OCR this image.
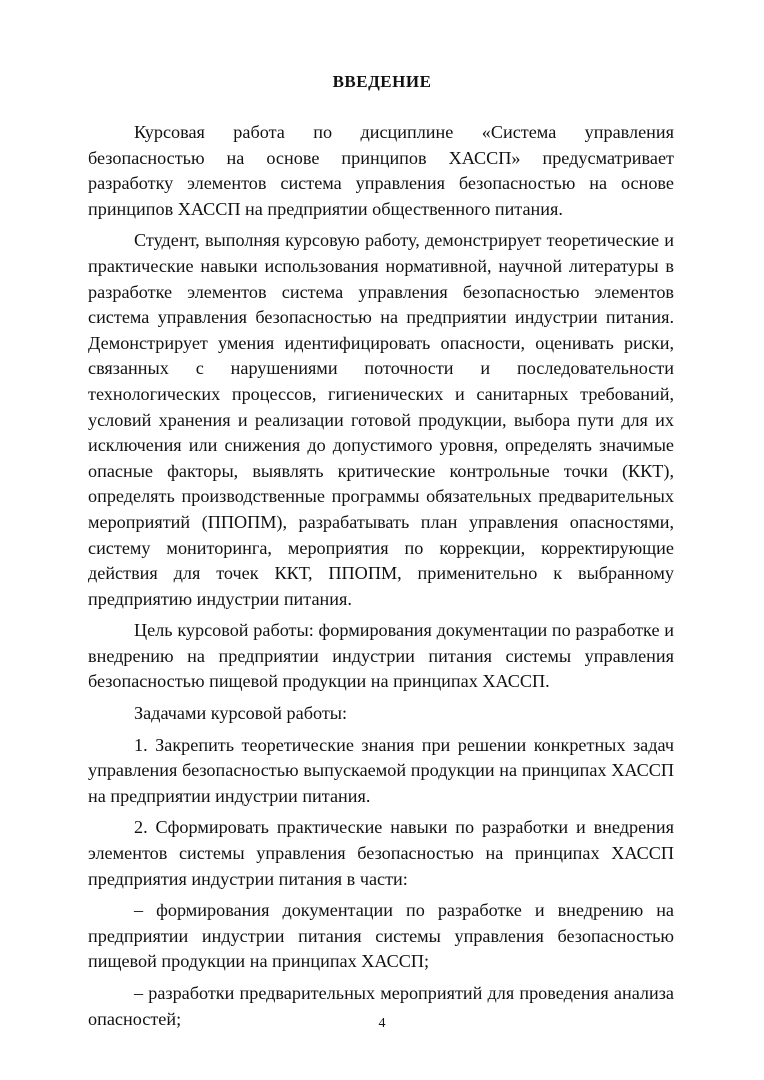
ВВЕДЕНИЕ

Курсовая работа по дисциплине «Система управления безопасностью на основе принципов ХАССП» предусматривает разработку элементов система управления безопасностью на основе принципов ХАССП на предприятии общественного питания.

Студент, выполняя курсовую работу, демонстрирует теоретические и практические навыки использования нормативной, научной литературы в разработке элементов система управления безопасностью элементов система управления безопасностью на предприятии индустрии питания. Демонстрирует умения идентифицировать опасности, оценивать риски, связанных с нарушениями поточности и последовательности технологических процессов, гигиенических и санитарных требований, условий хранения и реализации готовой продукции, выбора пути для их исключения или снижения до допустимого уровня, определять значимые опасные факторы, выявлять критические контрольные точки (ККТ), определять производственные программы обязательных предварительных мероприятий (ППОПМ), разрабатывать план управления опасностями, систему мониторинга, мероприятия по коррекции, корректирующие действия для точек ККТ, ППОПМ, применительно к выбранному предприятию индустрии питания.

Цель курсовой работы: формирования документации по разработке и внедрению на предприятии индустрии питания системы управления безопасностью пищевой продукции на принципах ХАССП.

Задачами курсовой работы:

1. Закрепить теоретические знания при решении конкретных задач управления безопасностью выпускаемой продукции на принципах ХАССП на предприятии индустрии питания.

2. Сформировать практические навыки по разработки и внедрения элементов системы управления безопасностью на принципах ХАССП предприятия индустрии питания в части:

– формирования документации по разработке и внедрению на предприятии индустрии питания системы управления безопасностью пищевой продукции на принципах ХАССП;

– разработки предварительных мероприятий для проведения анализа опасностей;	4
